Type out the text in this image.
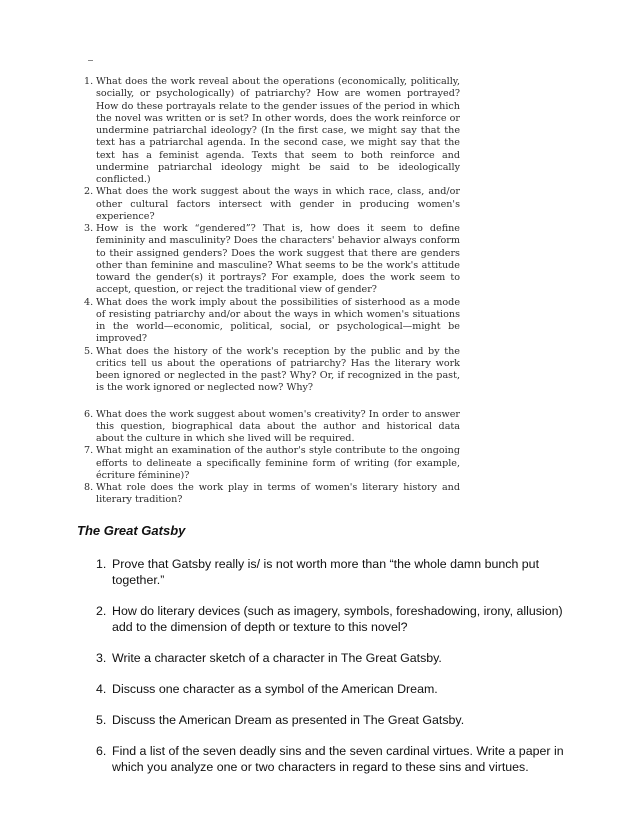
1. What does the work reveal about the operations (economically, politically, socially, or psychologically) of patriarchy? How are women portrayed? How do these portrayals relate to the gender issues of the period in which the novel was written or is set? In other words, does the work reinforce or undermine patriarchal ideology? (In the first case, we might say that the text has a patriarchal agenda. In the second case, we might say that the text has a feminist agenda. Texts that seem to both reinforce and undermine patriarchal ideology might be said to be ideologically conflicted.)
2. What does the work suggest about the ways in which race, class, and/or other cultural factors intersect with gender in producing women's experience?
3. How is the work “gendered”? That is, how does it seem to define femininity and masculinity? Does the characters' behavior always conform to their assigned genders? Does the work suggest that there are genders other than feminine and masculine? What seems to be the work's attitude toward the gender(s) it portrays? For example, does the work seem to accept, question, or reject the traditional view of gender?
4. What does the work imply about the possibilities of sisterhood as a mode of resisting patriarchy and/or about the ways in which women's situations in the world—economic, political, social, or psychological—might be improved?
5. What does the history of the work's reception by the public and by the critics tell us about the operations of patriarchy? Has the literary work been ignored or neglected in the past? Why? Or, if recognized in the past, is the work ignored or neglected now? Why?
6. What does the work suggest about women's creativity? In order to answer this question, biographical data about the author and historical data about the culture in which she lived will be required.
7. What might an examination of the author's style contribute to the ongoing efforts to delineate a specifically feminine form of writing (for example, écriture féminine)?
8. What role does the work play in terms of women's literary history and literary tradition?
The Great Gatsby
1. Prove that Gatsby really is/ is not worth more than “the whole damn bunch put together.”
2. How do literary devices (such as imagery, symbols, foreshadowing, irony, allusion) add to the dimension of depth or texture to this novel?
3. Write a character sketch of a character in The Great Gatsby.
4. Discuss one character as a symbol of the American Dream.
5. Discuss the American Dream as presented in The Great Gatsby.
6. Find a list of the seven deadly sins and the seven cardinal virtues. Write a paper in which you analyze one or two characters in regard to these sins and virtues.
